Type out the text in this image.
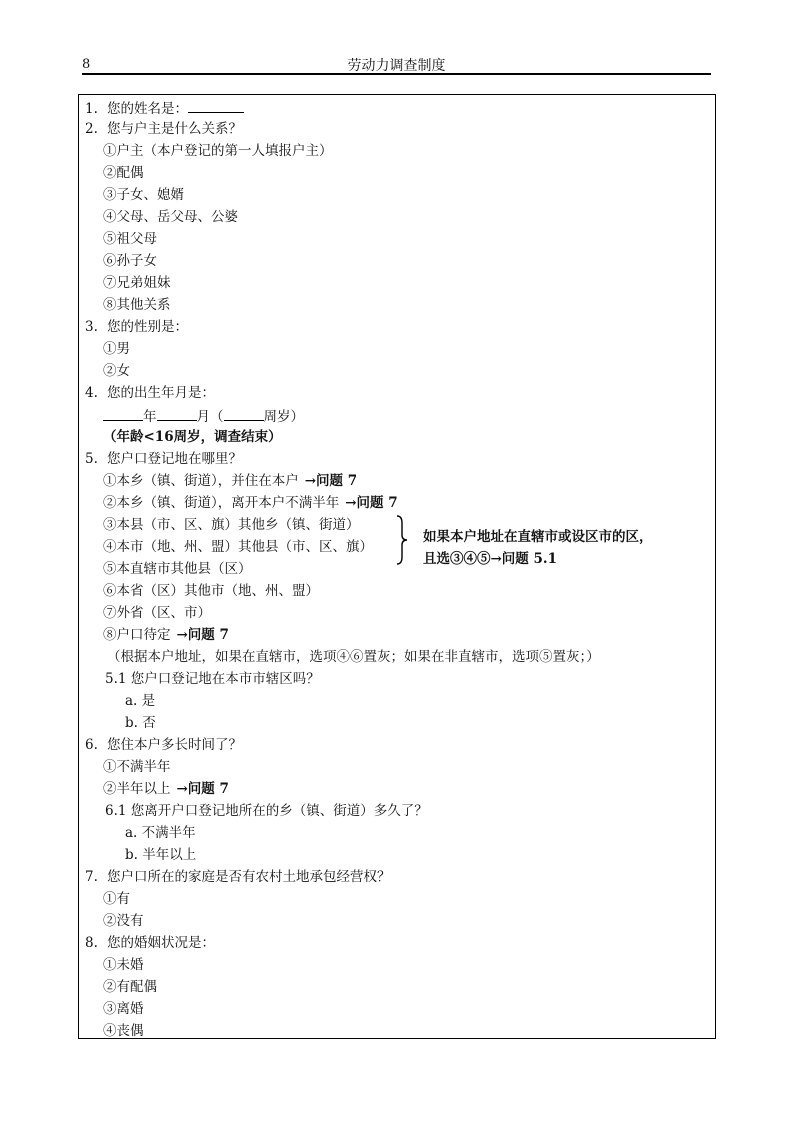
8	劳动力调查制度
1. 您的姓名是：
2. 您与户主是什么关系？
①户主（本户登记的第一人填报户主）
②配偶
③子女、媳婿
④父母、岳父母、公婆
⑤祖父母
⑥孙子女
⑦兄弟姐妹
⑧其他关系
3. 您的性别是：
①男
②女
4. 您的出生年月是：
年	月（	周岁）
（年龄<16周岁，调查结束）
5. 您户口登记地在哪里？
①本乡（镇、街道），并住在本户 →问题 7
②本乡（镇、街道），离开本户不满半年 →问题 7
③本县（市、区、旗）其他乡（镇、街道）
④本市（地、州、盟）其他县（市、区、旗）
⑤本直辖市其他县（区）
如果本户地址在直辖市或设区市的区，
且选③④⑤→问题 5.1
⑥本省（区）其他市（地、州、盟）
⑦外省（区、市）
⑧户口待定 →问题 7
（根据本户地址，如果在直辖市，选项④⑥置灰；如果在非直辖市，选项⑤置灰；）
5.1 您户口登记地在本市市辖区吗？
a. 是
b. 否
6. 您住本户多长时间了？
①不满半年
②半年以上 →问题 7
6.1 您离开户口登记地所在的乡（镇、街道）多久了？
a. 不满半年
b. 半年以上
7. 您户口所在的家庭是否有农村土地承包经营权？
①有
②没有
8. 您的婚姻状况是：
①未婚
②有配偶
③离婚
④丧偶
